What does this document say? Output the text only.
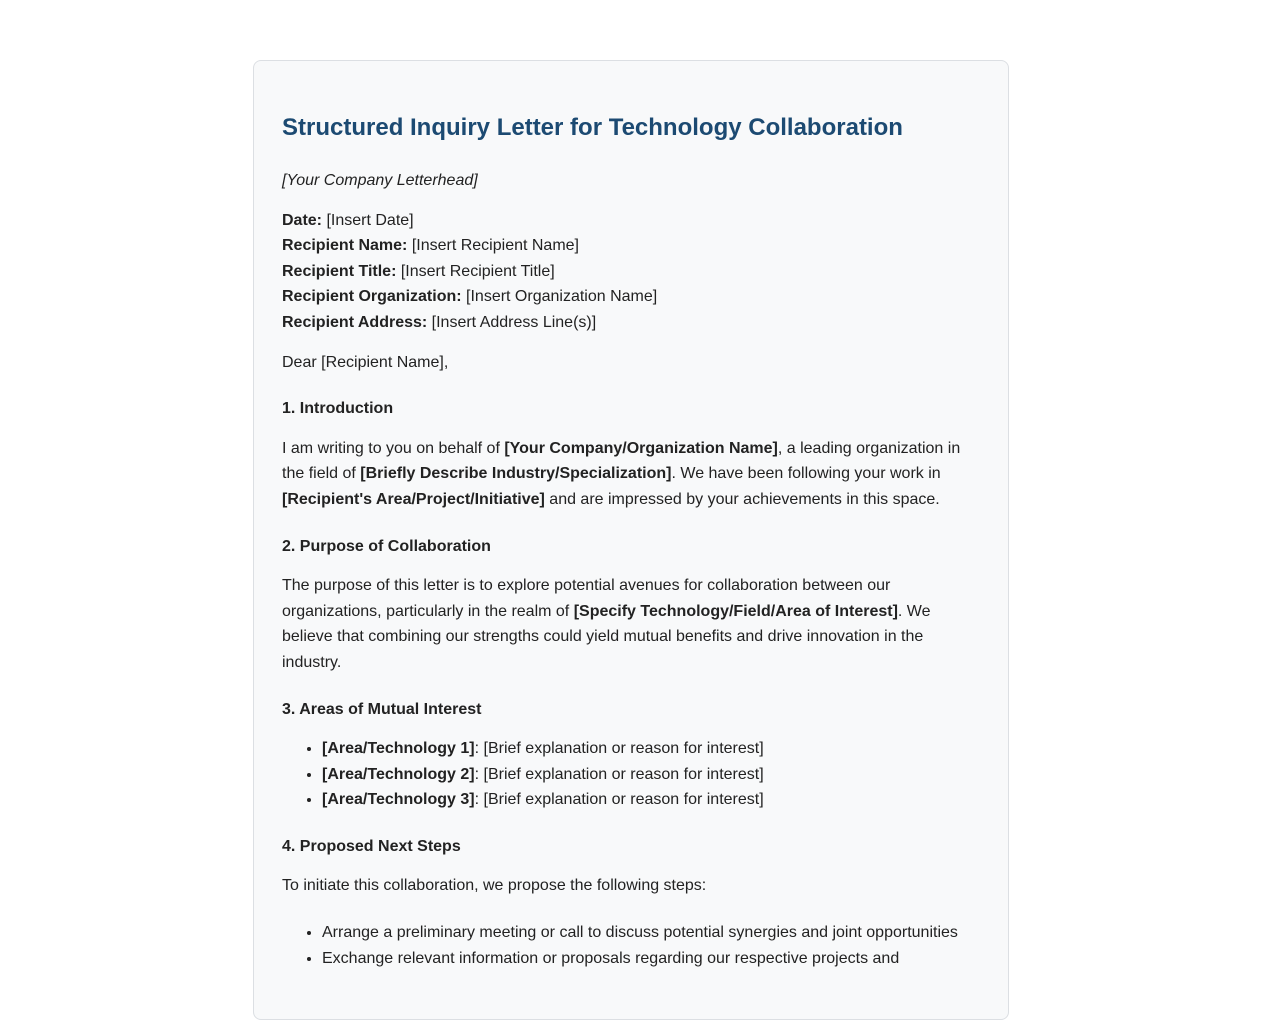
Structured Inquiry Letter for Technology Collaboration

[Your Company Letterhead]

Date: [Insert Date]
Recipient Name: [Insert Recipient Name]
Recipient Title: [Insert Recipient Title]
Recipient Organization: [Insert Organization Name]
Recipient Address: [Insert Address Line(s)]

Dear [Recipient Name],

1. Introduction

I am writing to you on behalf of [Your Company/Organization Name], a leading organization in the field of [Briefly Describe Industry/Specialization]. We have been following your work in [Recipient's Area/Project/Initiative] and are impressed by your achievements in this space.

2. Purpose of Collaboration

The purpose of this letter is to explore potential avenues for collaboration between our organizations, particularly in the realm of [Specify Technology/Field/Area of Interest]. We believe that combining our strengths could yield mutual benefits and drive innovation in the industry.

3. Areas of Mutual Interest
• [Area/Technology 1]: [Brief explanation or reason for interest]
• [Area/Technology 2]: [Brief explanation or reason for interest]
• [Area/Technology 3]: [Brief explanation or reason for interest]
4. Proposed Next Steps

To initiate this collaboration, we propose the following steps:

• Arrange a preliminary meeting or call to discuss potential synergies and joint opportunities
• Exchange relevant information or proposals regarding our respective projects and
